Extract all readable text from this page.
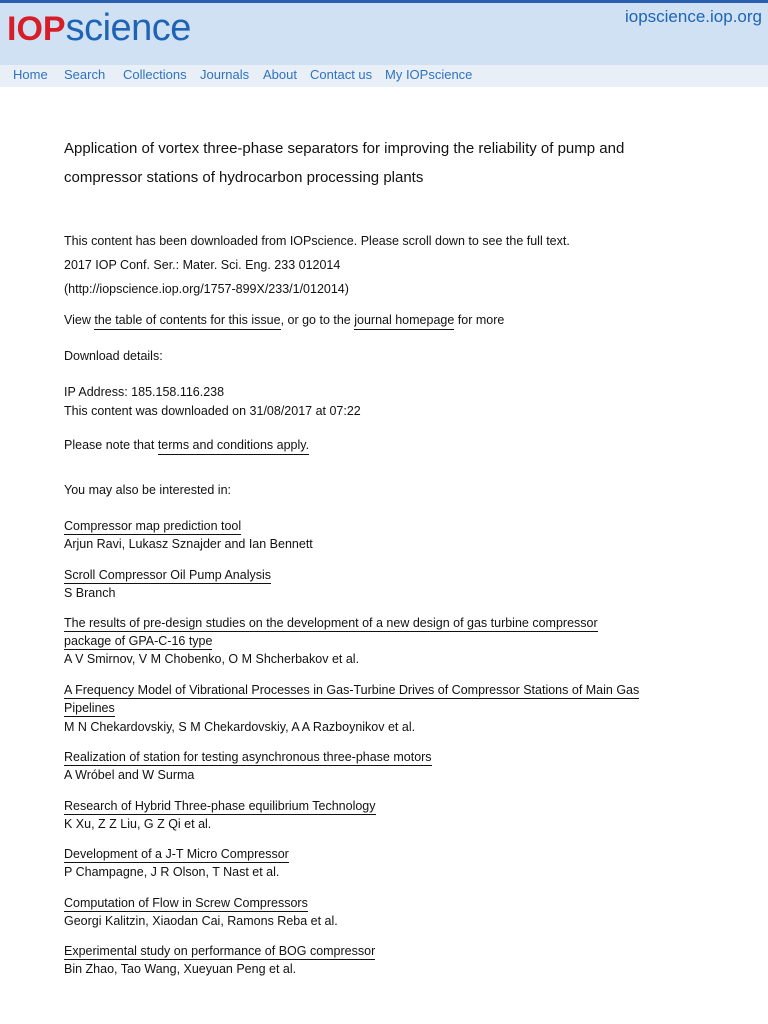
IOPscience	iopscience.iop.org
Home Search Collections Journals About Contact us My IOPscience
Application of vortex three-phase separators for improving the reliability of pump and compressor stations of hydrocarbon processing plants
This content has been downloaded from IOPscience. Please scroll down to see the full text.
2017 IOP Conf. Ser.: Mater. Sci. Eng. 233 012014
(http://iopscience.iop.org/1757-899X/233/1/012014)
View the table of contents for this issue, or go to the journal homepage for more
Download details:
IP Address: 185.158.116.238
This content was downloaded on 31/08/2017 at 07:22
Please note that terms and conditions apply.
You may also be interested in:
Compressor map prediction tool
Arjun Ravi, Lukasz Sznajder and Ian Bennett
Scroll Compressor Oil Pump Analysis
S Branch
The results of pre-design studies on the development of a new design of gas turbine compressor
package of GPA-C-16 type
A V Smirnov, V M Chobenko, O M Shcherbakov et al.
A Frequency Model of Vibrational Processes in Gas-Turbine Drives of Compressor Stations of Main Gas
Pipelines
M N Chekardovskiy, S M Chekardovskiy, A A Razboynikov et al.
Realization of station for testing asynchronous three-phase motors
A Wróbel and W Surma
Research of Hybrid Three-phase equilibrium Technology
K Xu, Z Z Liu, G Z Qi et al.
Development of a J-T Micro Compressor
P Champagne, J R Olson, T Nast et al.
Computation of Flow in Screw Compressors
Georgi Kalitzin, Xiaodan Cai, Ramons Reba et al.
Experimental study on performance of BOG compressor
Bin Zhao, Tao Wang, Xueyuan Peng et al.
